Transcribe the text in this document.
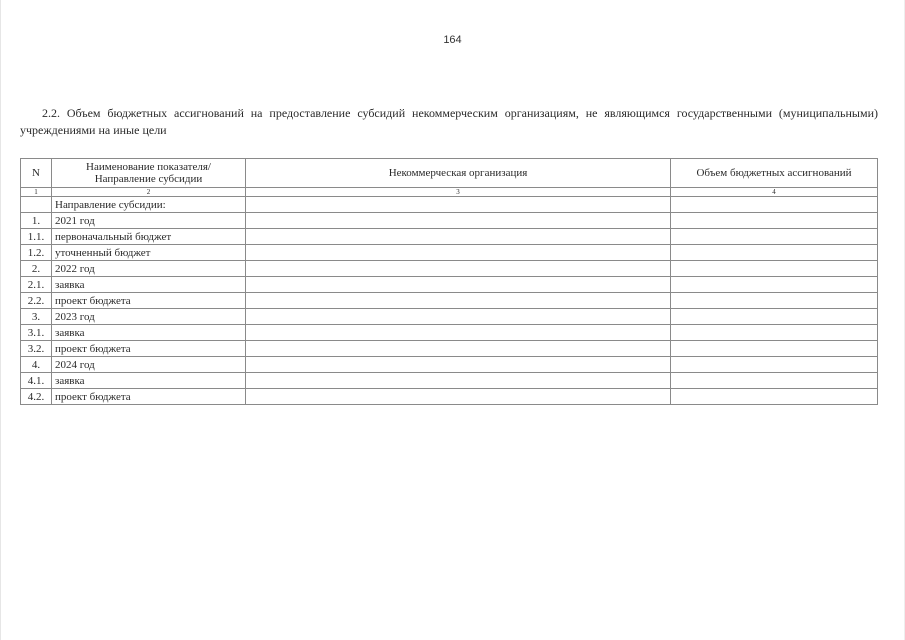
164
2.2. Объем бюджетных ассигнований на предоставление субсидий некоммерческим организациям, не являющимся государственными (муниципальными) учреждениями на иные цели
N	Наименование показателя/ Направление субсидии	Некоммерческая организация	Объем бюджетных ассигнований
1	2	3	4
	Направление субсидии:		
1.	2021 год		
1.1.	первоначальный бюджет		
1.2.	уточненный бюджет		
2.	2022 год		
2.1.	заявка		
2.2.	проект бюджета		
3.	2023 год		
3.1.	заявка		
3.2.	проект бюджета		
4.	2024 год		
4.1.	заявка		
4.2.	проект бюджета		
